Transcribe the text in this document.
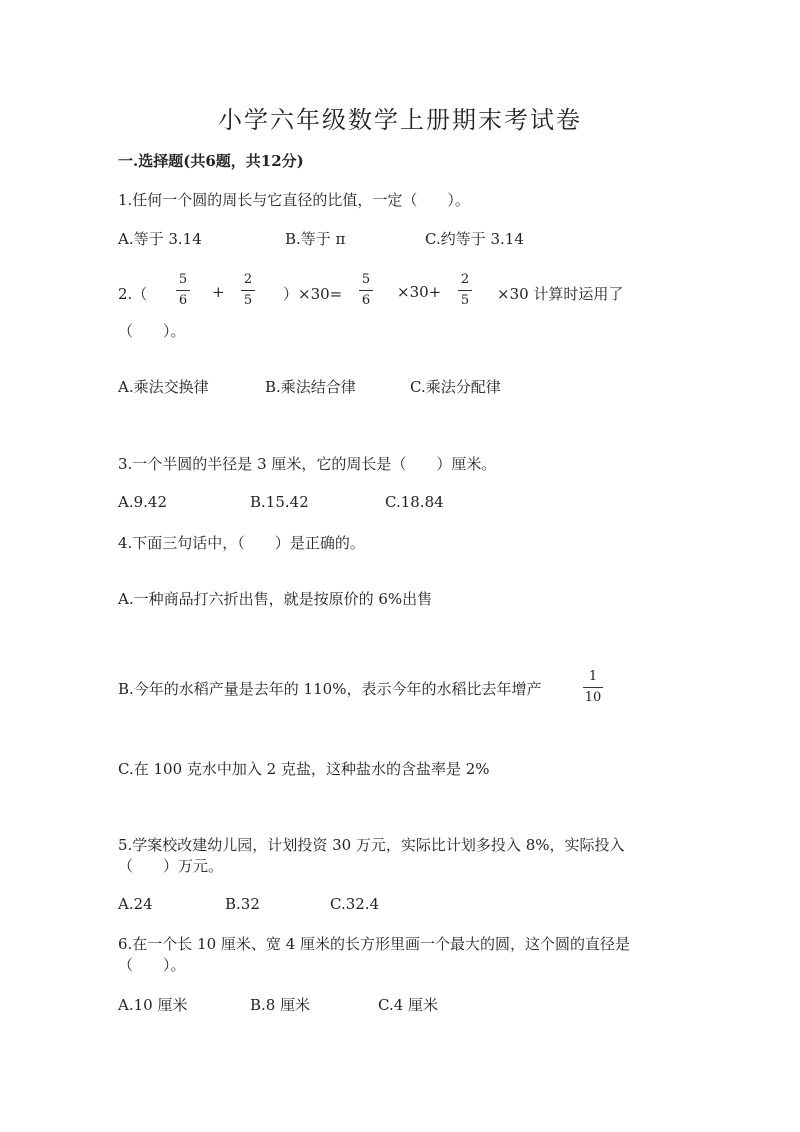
小学六年级数学上册期末考试卷
一.选择题(共6题，共12分)
1.任何一个圆的周长与它直径的比值，一定（　　）。
A.等于 3.14	B.等于 π	C.约等于 3.14
2.（
5
6 +
2
5 ）×30=
5
6 ×30+
2
5 ×30 计算时运用了
（　　）。
A.乘法交换律	B.乘法结合律	C.乘法分配律
3.一个半圆的半径是 3 厘米，它的周长是（　　）厘米。
A.9.42	B.15.42	C.18.84
4.下面三句话中，（　　）是正确的。
A.一种商品打六折出售，就是按原价的 6%出售
B.今年的水稻产量是去年的 110%，表示今年的水稻比去年增产
1
10
C.在 100 克水中加入 2 克盐，这种盐水的含盐率是 2%
5.学案校改建幼儿园，计划投资 30 万元，实际比计划多投入 8%，实际投入
（　　）万元。
A.24	B.32	C.32.4
6.在一个长 10 厘米、宽 4 厘米的长方形里画一个最大的圆，这个圆的直径是
（　　）。
A.10 厘米	B.8 厘米	C.4 厘米
